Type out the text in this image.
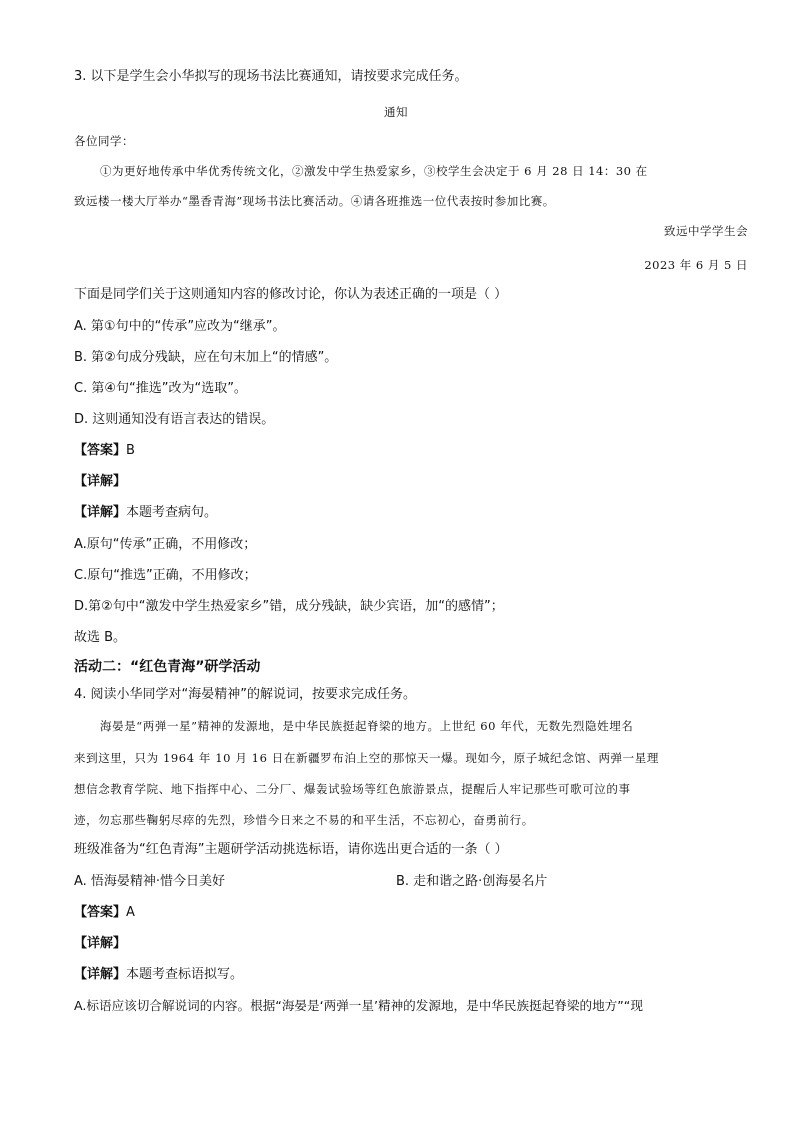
3. 以下是学生会小华拟写的现场书法比赛通知，请按要求完成任务。
通知
各位同学：
①为更好地传承中华优秀传统文化，②激发中学生热爱家乡，③校学生会决定于 6 月 28 日 14：30 在
致远楼一楼大厅举办“墨香青海”现场书法比赛活动。④请各班推选一位代表按时参加比赛。
致远中学学生会
2023 年 6 月 5 日
下面是同学们关于这则通知内容的修改讨论，你认为表述正确的一项是（ ）
A. 第①句中的“传承”应改为“继承”。
B. 第②句成分残缺，应在句末加上“的情感”。
C. 第④句“推选”改为“选取”。
D. 这则通知没有语言表达的错误。
【答案】B
【详解】
【详解】本题考查病句。
A.原句“传承”正确，不用修改；
C.原句“推选”正确，不用修改；
D.第②句中“激发中学生热爱家乡”错，成分残缺，缺少宾语，加“的感情”；
故选 B。
活动二：“红色青海”研学活动
4. 阅读小华同学对“海晏精神”的解说词，按要求完成任务。
海晏是“两弹一星”精神的发源地，是中华民族挺起脊梁的地方。上世纪 60 年代，无数先烈隐姓埋名
来到这里，只为 1964 年 10 月 16 日在新疆罗布泊上空的那惊天一爆。现如今，原子城纪念馆、两弹一星理
想信念教育学院、地下指挥中心、二分厂、爆轰试验场等红色旅游景点，提醒后人牢记那些可歌可泣的事
迹，勿忘那些鞠躬尽瘁的先烈，珍惜今日来之不易的和平生活，不忘初心，奋勇前行。
班级准备为“红色青海”主题研学活动挑选标语，请你选出更合适的一条（ ）
A. 悟海晏精神·惜今日美好	B. 走和谐之路·创海晏名片
【答案】A
【详解】
【详解】本题考查标语拟写。
A.标语应该切合解说词的内容。根据“海晏是‘两弹一星’精神的发源地，是中华民族挺起脊梁的地方”“现
